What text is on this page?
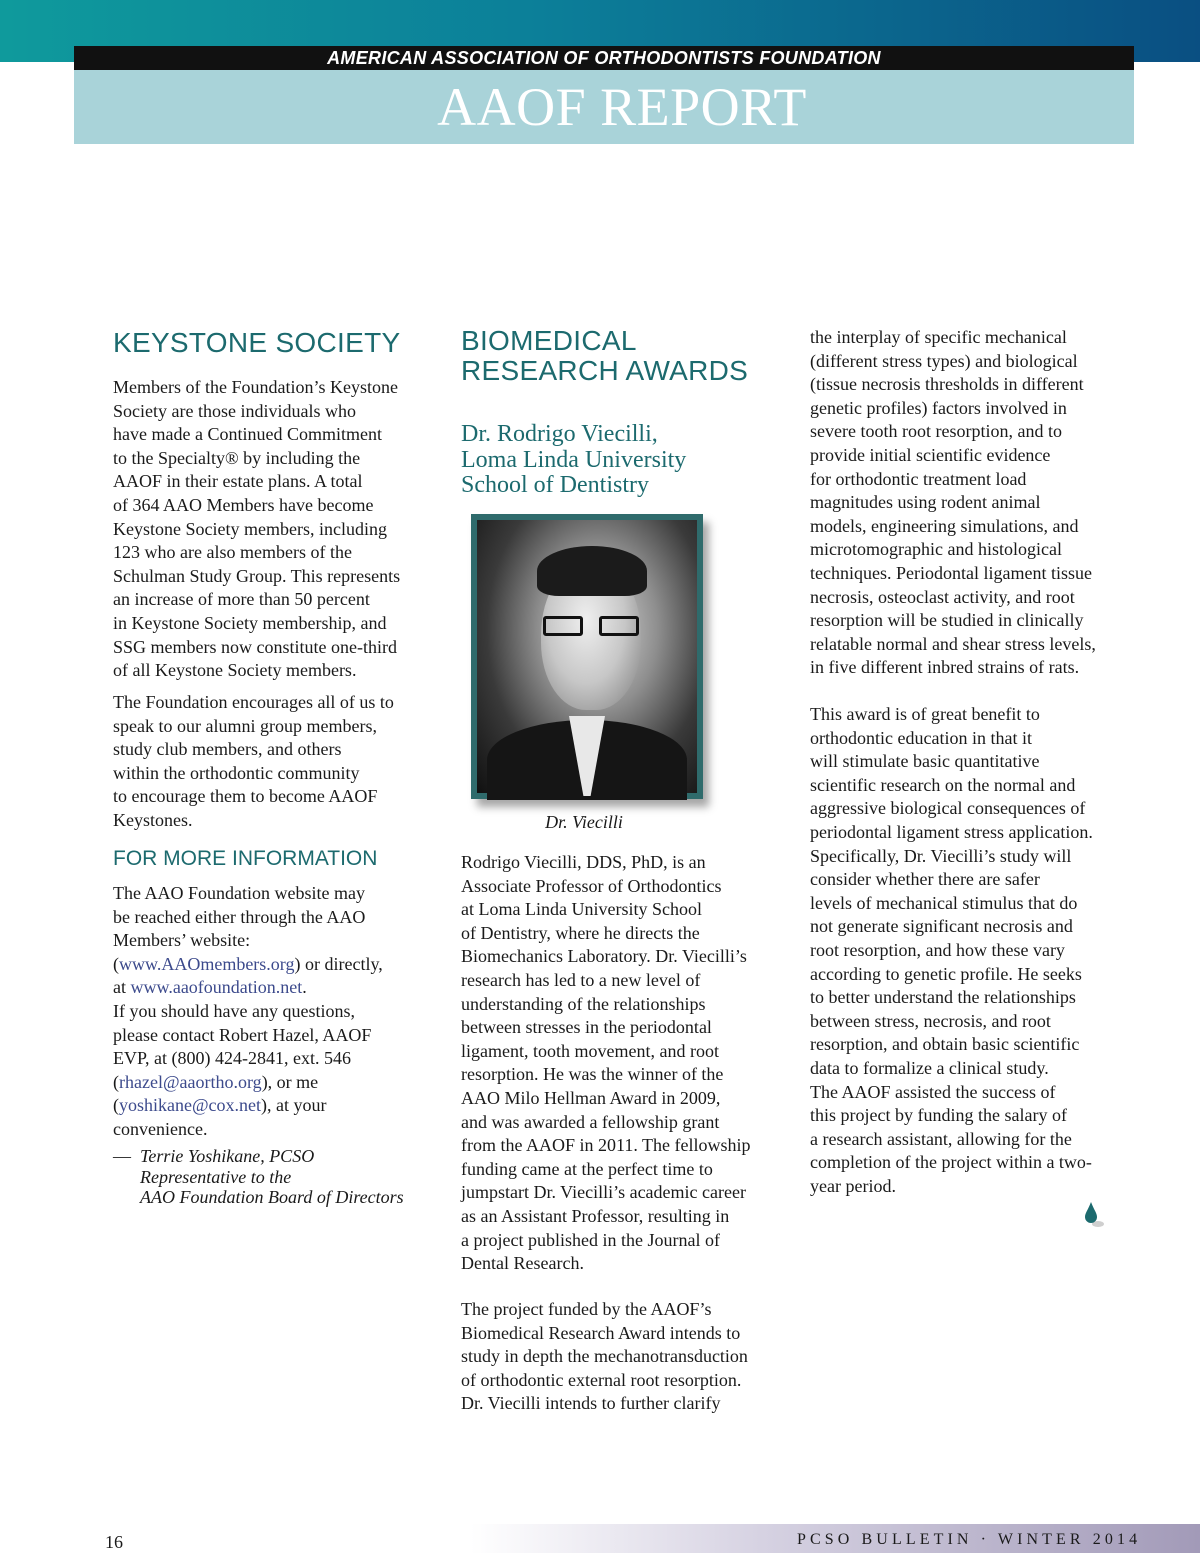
AMERICAN ASSOCIATION OF ORTHODONTISTS FOUNDATION
AAOF REPORT
KEYSTONE SOCIETY
Members of the Foundation’s Keystone
Society are those individuals who
have made a Continued Commitment
to the Specialty® by including the
AAOF in their estate plans. A total
of 364 AAO Members have become
Keystone Society members, including
123 who are also members of the
Schulman Study Group. This represents
an increase of more than 50 percent
in Keystone Society membership, and
SSG members now constitute one-third
of all Keystone Society members.
The Foundation encourages all of us to
speak to our alumni group members,
study club members, and others
within the orthodontic community
to encourage them to become AAOF
Keystones.
FOR MORE INFORMATION

The AAO Foundation website may

be reached either through the AAO

Members’ website:

(www.AAOmembers.org) or directly,

at www.aaofoundation.net.

If you should have any questions,

please contact Robert Hazel, AAOF

EVP, at (800) 424-2841, ext. 546

(rhazel@aaortho.org), or me

(yoshikane@cox.net), at your

convenience.

— Terrie Yoshikane, PCSO
Representative to the
AAO Foundation Board of Directors
BIOMEDICAL
RESEARCH AWARDS
Dr. Rodrigo Viecilli,
Loma Linda University
School of Dentistry
Dr. Viecilli
Rodrigo Viecilli, DDS, PhD, is an
Associate Professor of Orthodontics
at Loma Linda University School
of Dentistry, where he directs the
Biomechanics Laboratory. Dr. Viecilli’s
research has led to a new level of
understanding of the relationships
between stresses in the periodontal
ligament, tooth movement, and root
resorption. He was the winner of the
AAO Milo Hellman Award in 2009,
and was awarded a fellowship grant
from the AAOF in 2011. The fellowship
funding came at the perfect time to
jumpstart Dr. Viecilli’s academic career
as an Assistant Professor, resulting in
a project published in the Journal of
Dental Research.
The project funded by the AAOF’s
Biomedical Research Award intends to
study in depth the mechanotransduction
of orthodontic external root resorption.
Dr. Viecilli intends to further clarify
the interplay of specific mechanical
(different stress types) and biological
(tissue necrosis thresholds in different
genetic profiles) factors involved in
severe tooth root resorption, and to
provide initial scientific evidence
for orthodontic treatment load
magnitudes using rodent animal
models, engineering simulations, and
microtomographic and histological
techniques. Periodontal ligament tissue
necrosis, osteoclast activity, and root
resorption will be studied in clinically
relatable normal and shear stress levels,
in five different inbred strains of rats.
This award is of great benefit to
orthodontic education in that it
will stimulate basic quantitative
scientific research on the normal and
aggressive biological consequences of
periodontal ligament stress application.
Specifically, Dr. Viecilli’s study will
consider whether there are safer
levels of mechanical stimulus that do
not generate significant necrosis and
root resorption, and how these vary
according to genetic profile. He seeks
to better understand the relationships
between stress, necrosis, and root
resorption, and obtain basic scientific
data to formalize a clinical study.
The AAOF assisted the success of
this project by funding the salary of
a research assistant, allowing for the
completion of the project within a two-
year period.
16	PCSO BULLETIN · WINTER 2014
